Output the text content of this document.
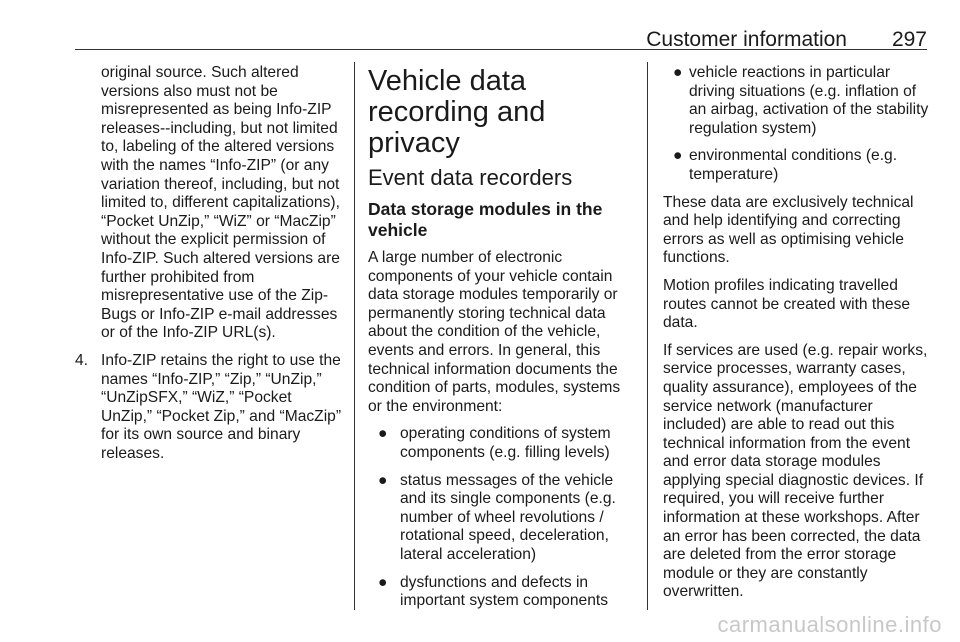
Customer information 297

original source. Such altered versions also must not be misrepresented as being Info-ZIP releases--including, but not limited to, labeling of the altered versions with the names “Info-ZIP” (or any variation thereof, including, but not limited to, different capitalizations), “Pocket UnZip,” “WiZ” or “MacZip” without the explicit permission of Info-ZIP. Such altered versions are further prohibited from misrepresentative use of the Zip-Bugs or Info-ZIP e-mail addresses or of the Info-ZIP URL(s).

4. Info-ZIP retains the right to use the names “Info-ZIP,” “Zip,” “UnZip,” “UnZipSFX,” “WiZ,” “Pocket UnZip,” “Pocket Zip,” and “MacZip” for its own source and binary releases.
Vehicle data recording and privacy
Event data recorders
Data storage modules in the vehicle

A large number of electronic components of your vehicle contain data storage modules temporarily or permanently storing technical data about the condition of the vehicle, events and errors. In general, this technical information documents the condition of parts, modules, systems or the environment:

● operating conditions of system components (e.g. filling levels)
● status messages of the vehicle and its single components (e.g. number of wheel revolutions / rotational speed, deceleration, lateral acceleration)
● dysfunctions and defects in important system components
● vehicle reactions in particular driving situations (e.g. inflation of an airbag, activation of the stability regulation system)
● environmental conditions (e.g. temperature)

These data are exclusively technical and help identifying and correcting errors as well as optimising vehicle functions.

Motion profiles indicating travelled routes cannot be created with these data.

If services are used (e.g. repair works, service processes, warranty cases, quality assurance), employees of the service network (manufacturer included) are able to read out this technical information from the event and error data storage modules applying special diagnostic devices. If required, you will receive further information at these workshops. After an error has been corrected, the data are deleted from the error storage module or they are constantly overwritten.

carmanualsonline.info
